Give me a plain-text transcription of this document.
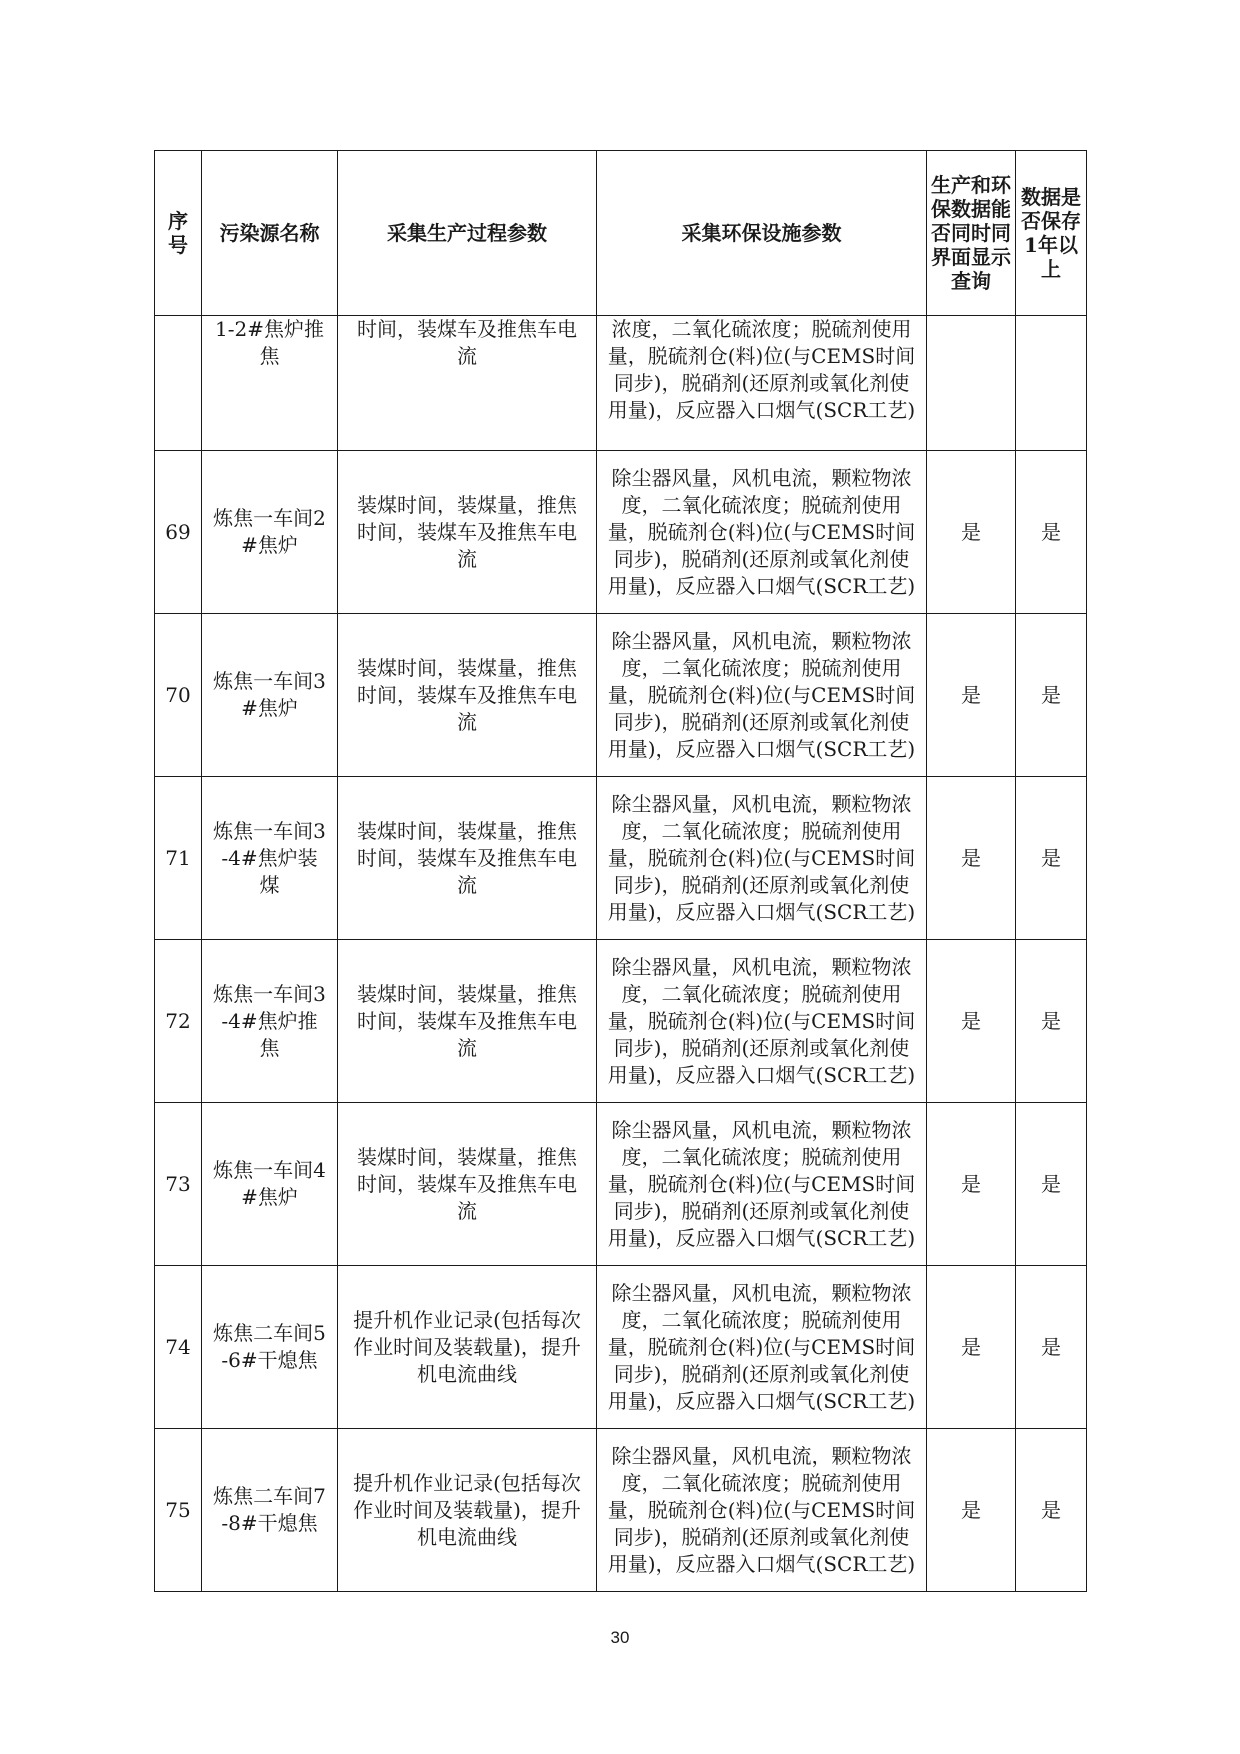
序号	污染源名称	采集生产过程参数	采集环保设施参数	生产和环保数据能否同时同界面显示查询	数据是否保存1年以上
	1-2#焦炉推焦	时间，装煤车及推焦车电流	浓度，二氧化硫浓度；脱硫剂使用量，脱硫剂仓(料)位(与CEMS时间同步)，脱硝剂(还原剂或氧化剂使用量)，反应器入口烟气(SCR工艺)		
69	炼焦一车间2#焦炉	装煤时间，装煤量，推焦时间，装煤车及推焦车电流	除尘器风量，风机电流，颗粒物浓度，二氧化硫浓度；脱硫剂使用量，脱硫剂仓(料)位(与CEMS时间同步)，脱硝剂(还原剂或氧化剂使用量)，反应器入口烟气(SCR工艺)	是	是
70	炼焦一车间3#焦炉	装煤时间，装煤量，推焦时间，装煤车及推焦车电流	除尘器风量，风机电流，颗粒物浓度，二氧化硫浓度；脱硫剂使用量，脱硫剂仓(料)位(与CEMS时间同步)，脱硝剂(还原剂或氧化剂使用量)，反应器入口烟气(SCR工艺)	是	是
71	炼焦一车间3-4#焦炉装煤	装煤时间，装煤量，推焦时间，装煤车及推焦车电流	除尘器风量，风机电流，颗粒物浓度，二氧化硫浓度；脱硫剂使用量，脱硫剂仓(料)位(与CEMS时间同步)，脱硝剂(还原剂或氧化剂使用量)，反应器入口烟气(SCR工艺)	是	是
72	炼焦一车间3-4#焦炉推焦	装煤时间，装煤量，推焦时间，装煤车及推焦车电流	除尘器风量，风机电流，颗粒物浓度，二氧化硫浓度；脱硫剂使用量，脱硫剂仓(料)位(与CEMS时间同步)，脱硝剂(还原剂或氧化剂使用量)，反应器入口烟气(SCR工艺)	是	是
73	炼焦一车间4#焦炉	装煤时间，装煤量，推焦时间，装煤车及推焦车电流	除尘器风量，风机电流，颗粒物浓度，二氧化硫浓度；脱硫剂使用量，脱硫剂仓(料)位(与CEMS时间同步)，脱硝剂(还原剂或氧化剂使用量)，反应器入口烟气(SCR工艺)	是	是
74	炼焦二车间5-6#干熄焦	提升机作业记录(包括每次作业时间及装载量)，提升机电流曲线	除尘器风量，风机电流，颗粒物浓度，二氧化硫浓度；脱硫剂使用量，脱硫剂仓(料)位(与CEMS时间同步)，脱硝剂(还原剂或氧化剂使用量)，反应器入口烟气(SCR工艺)	是	是
75	炼焦二车间7-8#干熄焦	提升机作业记录(包括每次作业时间及装载量)，提升机电流曲线	除尘器风量，风机电流，颗粒物浓度，二氧化硫浓度；脱硫剂使用量，脱硫剂仓(料)位(与CEMS时间同步)，脱硝剂(还原剂或氧化剂使用量)，反应器入口烟气(SCR工艺)	是	是
30
